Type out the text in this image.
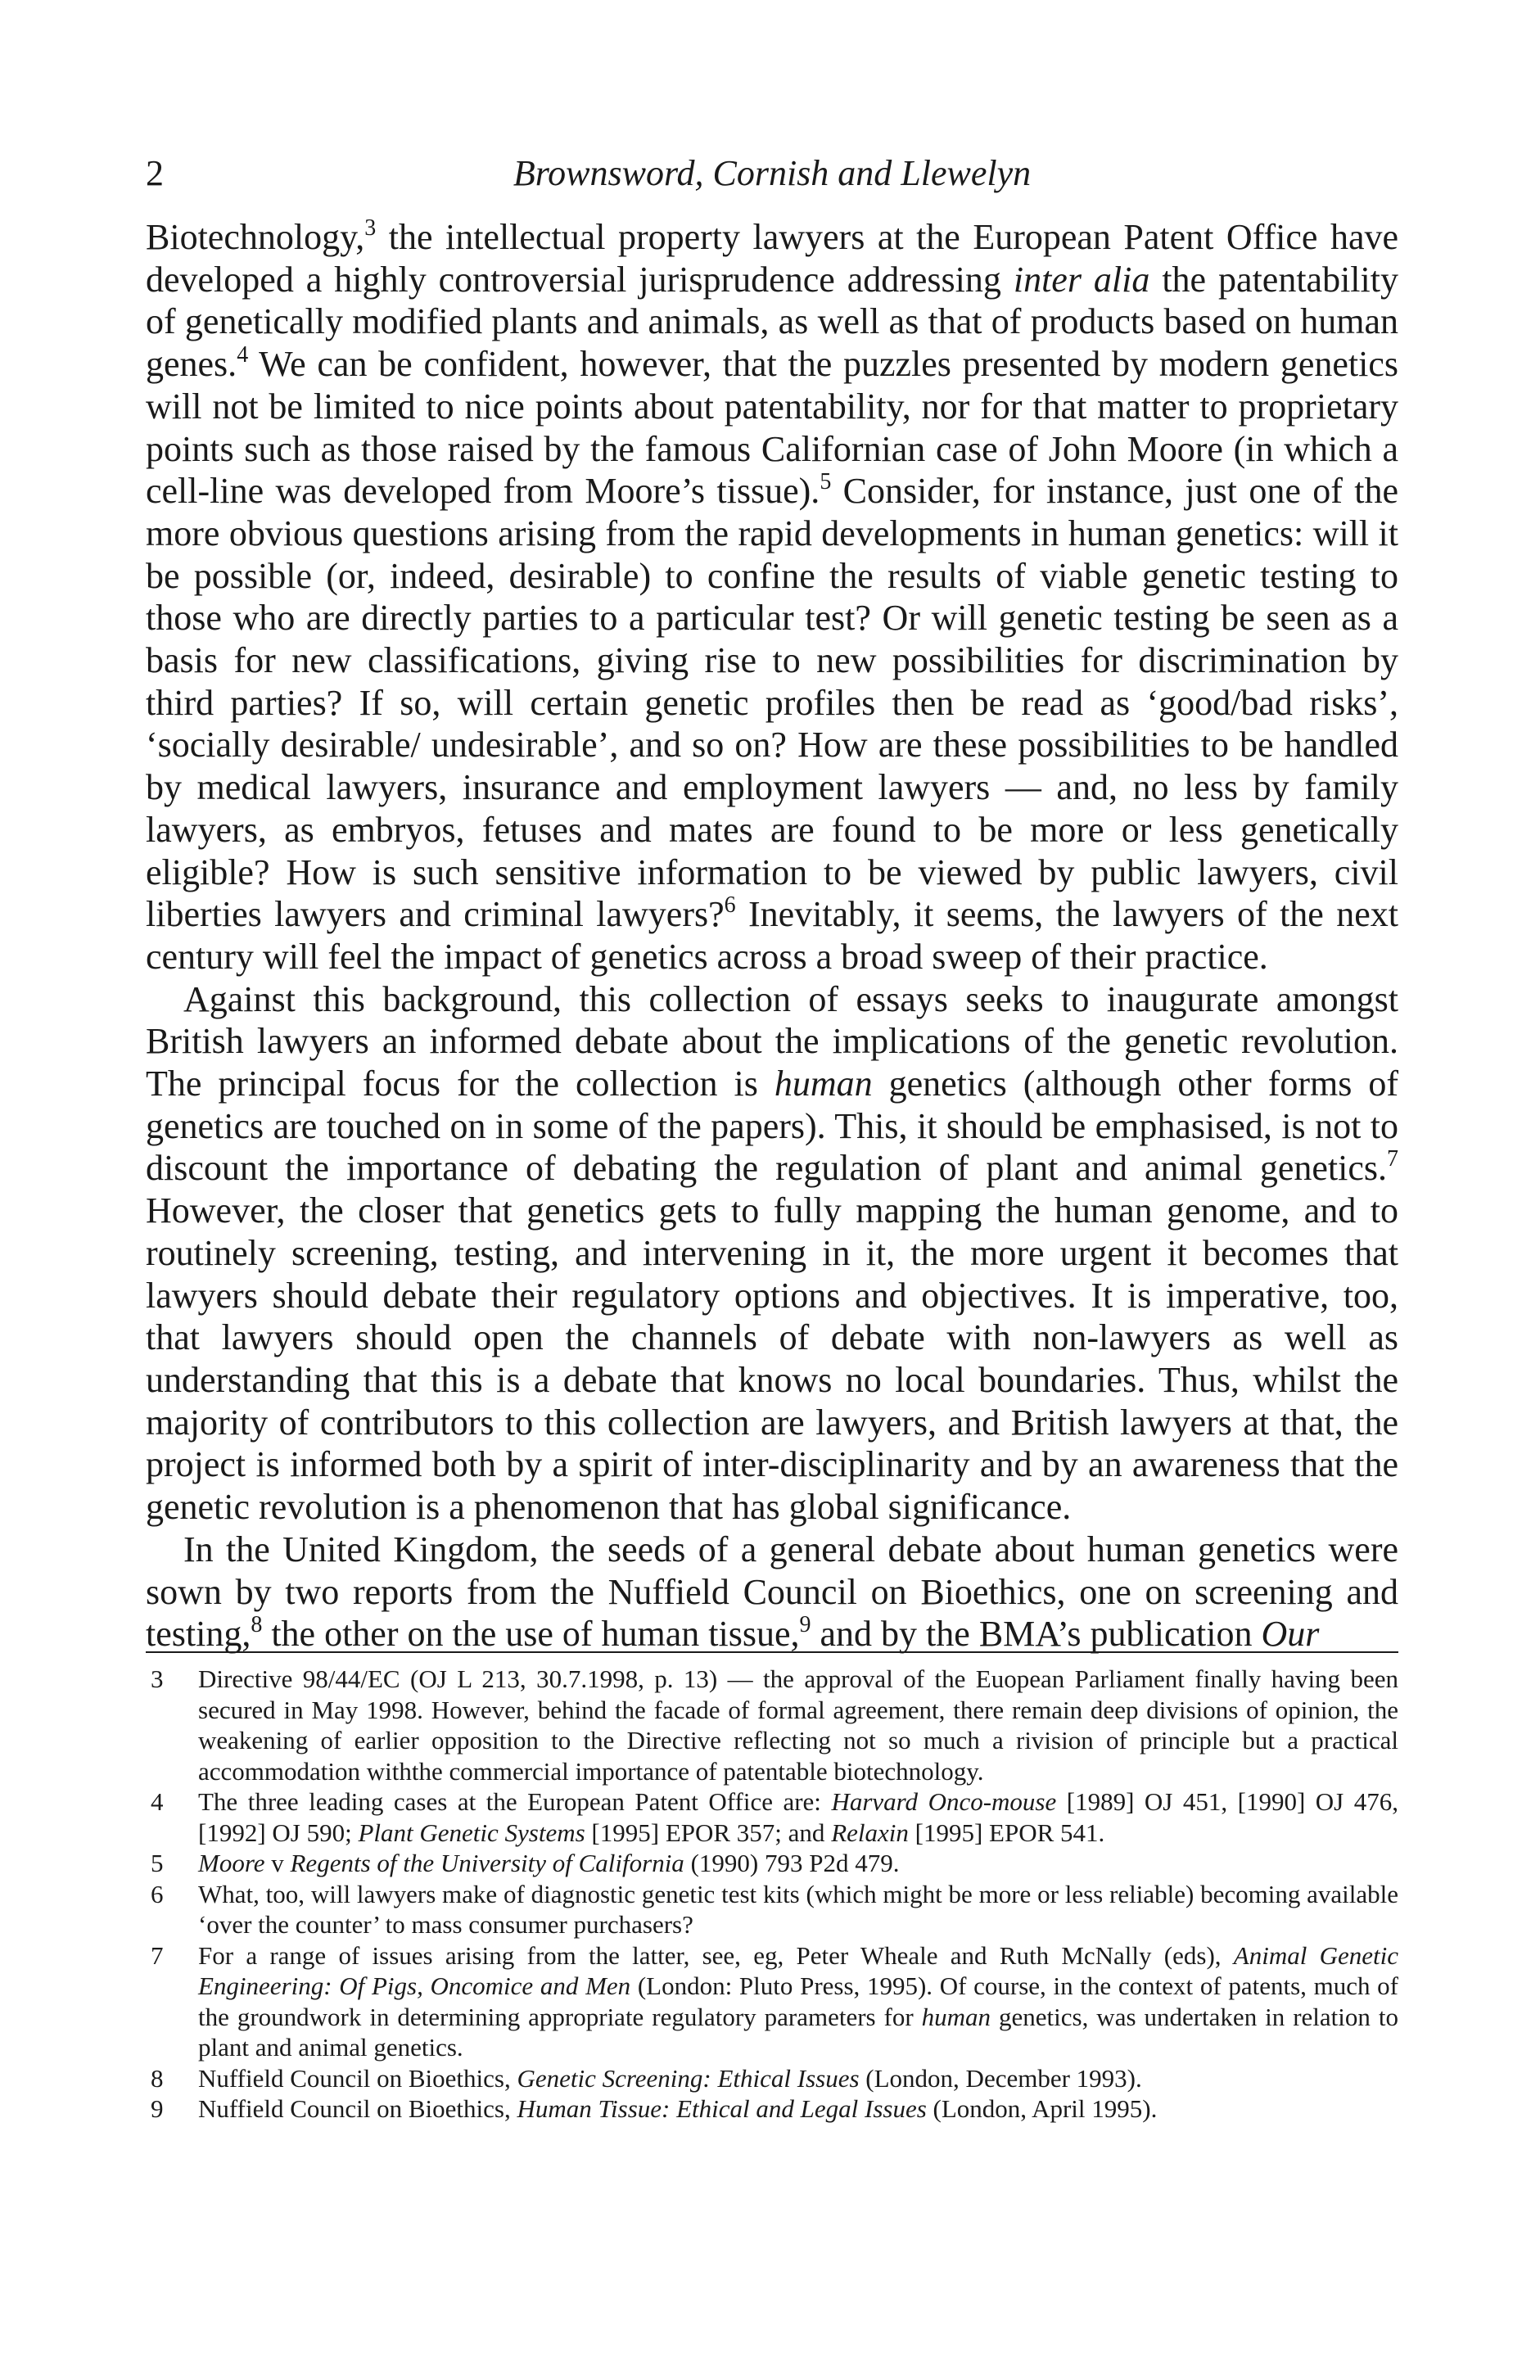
2	Brownsword, Cornish and Llewelyn

Biotechnology,$^3$ the intellectual property lawyers at the European Patent Office have developed a highly controversial jurisprudence addressing inter alia the patentability of genetically modified plants and animals, as well as that of products based on human genes.$^4$ We can be confident, however, that the puzzles presented by modern genetics will not be limited to nice points about patentability, nor for that matter to proprietary points such as those raised by the famous Californian case of John Moore (in which a cell-line was developed from Moore’s tissue).$^5$ Consider, for instance, just one of the more obvious questions arising from the rapid developments in human genetics: will it be possible (or, indeed, desirable) to confine the results of viable genetic testing to those who are directly parties to a particular test? Or will genetic testing be seen as a basis for new classifications, giving rise to new possibilities for discrimination by third parties? If so, will certain genetic profiles then be read as ‘good/bad risks’, ‘socially desirable/ undesirable’, and so on? How are these possibilities to be handled by medical lawyers, insurance and employment lawyers — and, no less by family lawyers, as embryos, fetuses and mates are found to be more or less genetically eligible? How is such sensitive information to be viewed by public lawyers, civil liberties lawyers and criminal lawyers?$^6$ Inevitably, it seems, the lawyers of the next century will feel the impact of genetics across a broad sweep of their practice.

Against this background, this collection of essays seeks to inaugurate amongst British lawyers an informed debate about the implications of the genetic revolution. The principal focus for the collection is human genetics (although other forms of genetics are touched on in some of the papers). This, it should be emphasised, is not to discount the importance of debating the regulation of plant and animal genetics.$^7$ However, the closer that genetics gets to fully mapping the human genome, and to routinely screening, testing, and intervening in it, the more urgent it becomes that lawyers should debate their regulatory options and objectives. It is imperative, too, that lawyers should open the channels of debate with non-lawyers as well as understanding that this is a debate that knows no local boundaries. Thus, whilst the majority of contributors to this collection are lawyers, and British lawyers at that, the project is informed both by a spirit of inter-disciplinarity and by an awareness that the genetic revolution is a phenomenon that has global significance.

In the United Kingdom, the seeds of a general debate about human genetics were sown by two reports from the Nuffield Council on Bioethics, one on screening and testing,$^8$ the other on the use of human tissue,$^9$ and by the BMA’s publication Our

3	Directive 98/44/EC (OJ L 213, 30.7.1998, p. 13) — the approval of the Euopean Parliament finally having been secured in May 1998. However, behind the facade of formal agreement, there remain deep divisions of opinion, the weakening of earlier opposition to the Directive reflecting not so much a rivision of principle but a practical accommodation withthe commercial importance of patentable biotechnology.
4	The three leading cases at the European Patent Office are: Harvard Onco-mouse [1989] OJ 451, [1990] OJ 476, [1992] OJ 590; Plant Genetic Systems [1995] EPOR 357; and Relaxin [1995] EPOR 541.
5	Moore v Regents of the University of California (1990) 793 P2d 479.
6	What, too, will lawyers make of diagnostic genetic test kits (which might be more or less reliable) becoming available ‘over the counter’ to mass consumer purchasers?
7	For a range of issues arising from the latter, see, eg, Peter Wheale and Ruth McNally (eds), Animal Genetic Engineering: Of Pigs, Oncomice and Men (London: Pluto Press, 1995). Of course, in the context of patents, much of the groundwork in determining appropriate regulatory parameters for human genetics, was undertaken in relation to plant and animal genetics.
8	Nuffield Council on Bioethics, Genetic Screening: Ethical Issues (London, December 1993).
9	Nuffield Council on Bioethics, Human Tissue: Ethical and Legal Issues (London, April 1995).
